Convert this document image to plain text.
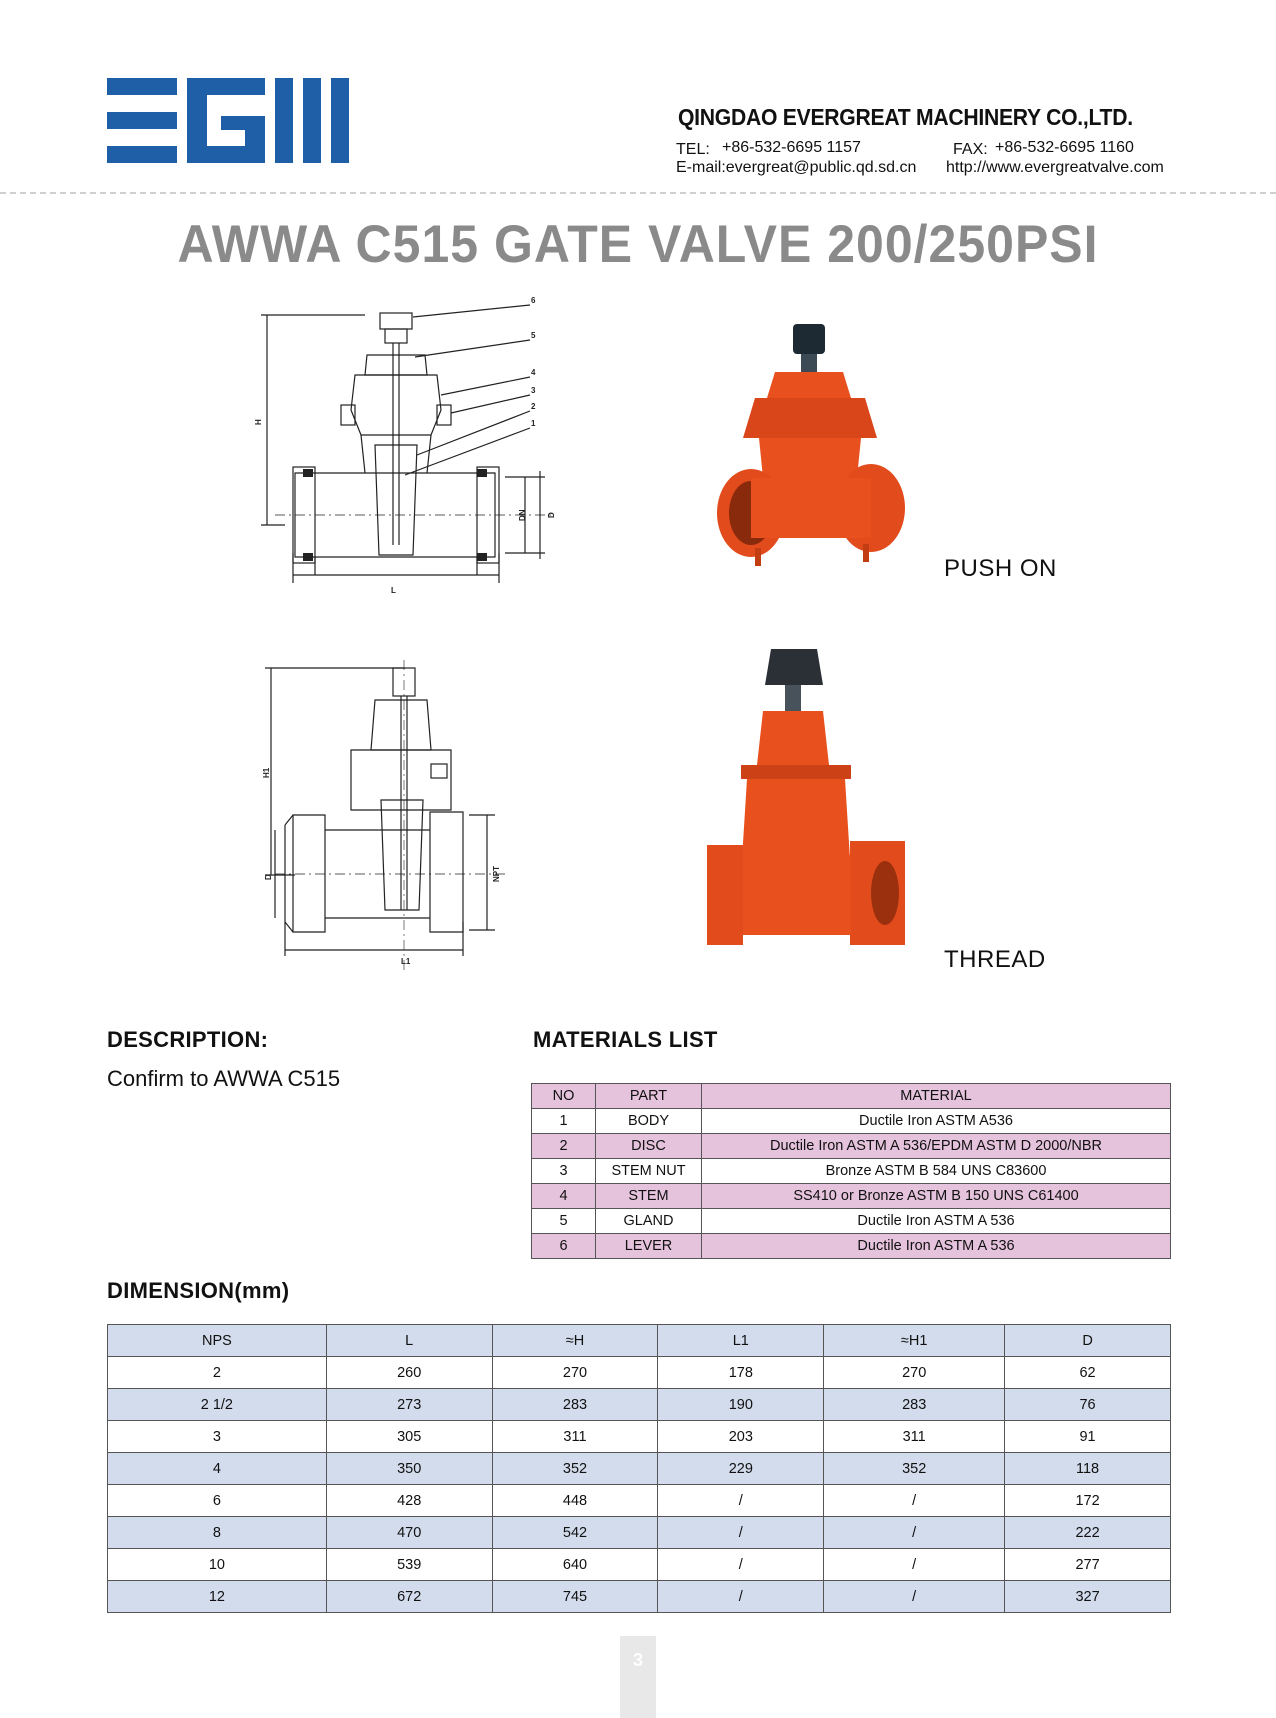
QINGDAO EVERGREAT MACHINERY CO.,LTD.
TEL: +86-532-6695 1157	FAX: +86-532-6695 1160
E-mail:evergreat@public.qd.sd.cn http://www.evergreatvalve.com
AWWA C515 GATE VALVE 200/250PSI
6
5
4
3
2
1
H
DN	D
L
PUSH ON
H1
D	NPT
L1	THREAD
DESCRIPTION:
Confirm to AWWA C515
MATERIALS LIST
NO	PART	MATERIAL
1	BODY	Ductile Iron ASTM A536
2	DISC	Ductile Iron ASTM A 536/EPDM ASTM D 2000/NBR
3	STEM NUT	Bronze ASTM B 584 UNS C83600
4	STEM	SS410 or Bronze ASTM B 150 UNS C61400
5	GLAND	Ductile Iron ASTM A 536
6	LEVER	Ductile Iron ASTM A 536
DIMENSION(mm)
NPS	L	≈H	L1	≈H1	D
2	260	270	178	270	62
2 1/2	273	283	190	283	76
3	305	311	203	311	91
4	350	352	229	352	118
6	428	448	/	/	172
8	470	542	/	/	222
10	539	640	/	/	277
12	672	745	/	/	327
3
